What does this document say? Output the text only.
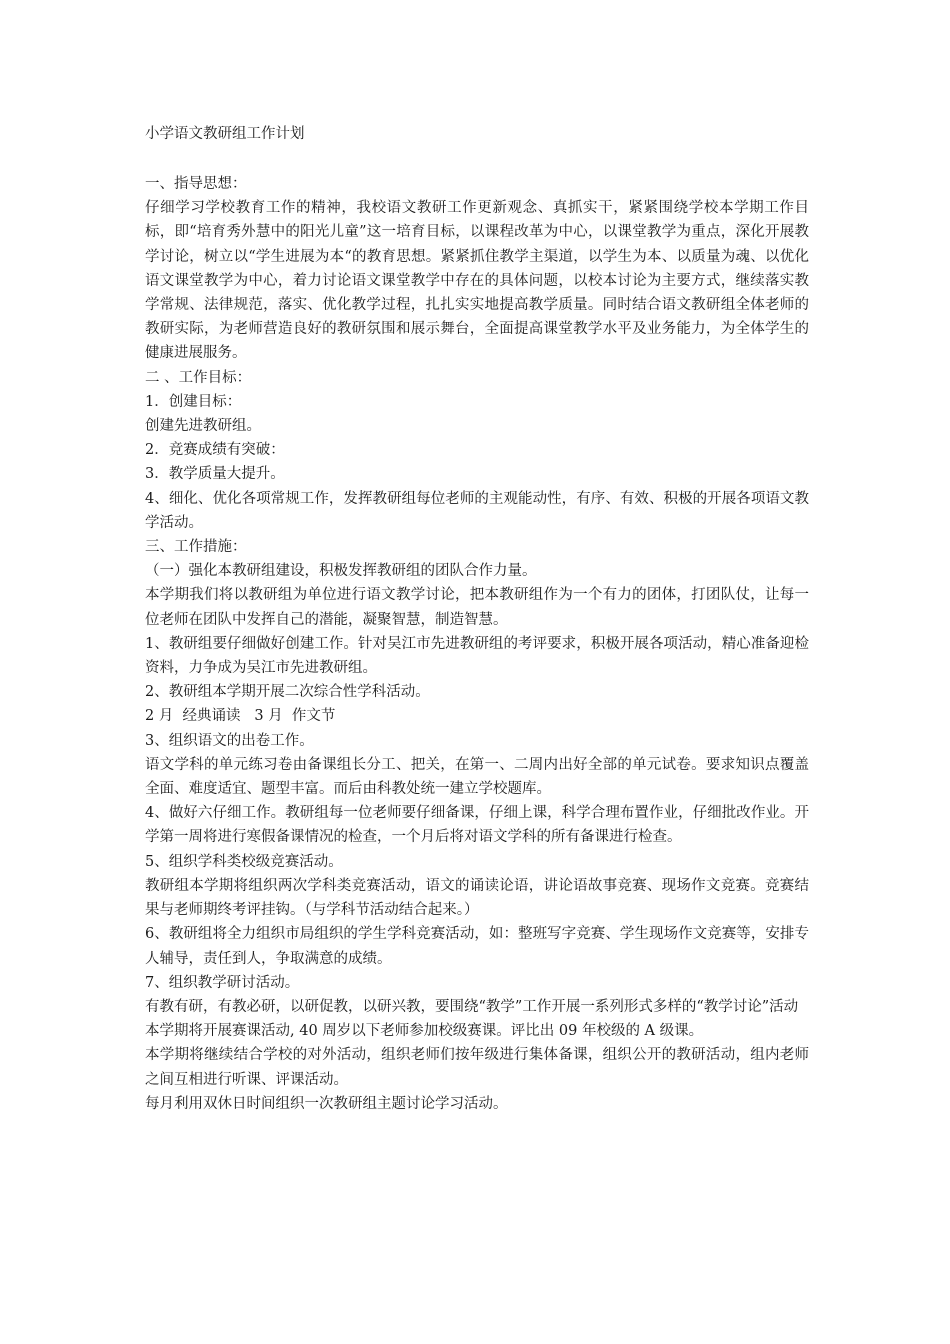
小学语文教研组工作计划

一、指导思想：

仔细学习学校教育工作的精神，我校语文教研工作更新观念、真抓实干，紧紧围绕学校本学期工作目标，即“培育秀外慧中的阳光儿童”这一培育目标，以课程改革为中心，以课堂教学为重点，深化开展教学讨论，树立以“学生进展为本“的教育思想。紧紧抓住教学主渠道，以学生为本、以质量为魂、以优化语文课堂教学为中心，着力讨论语文课堂教学中存在的具体问题，以校本讨论为主要方式，继续落实教学常规、法律规范，落实、优化教学过程，扎扎实实地提高教学质量。同时结合语文教研组全体老师的教研实际，为老师营造良好的教研氛围和展示舞台，全面提高课堂教学水平及业务能力，为全体学生的健康进展服务。

二 、工作目标：

1．创建目标：

创建先进教研组。

2．竞赛成绩有突破：

3．教学质量大提升。

4、细化、优化各项常规工作，发挥教研组每位老师的主观能动性，有序、有效、积极的开展各项语文教学活动。

三、工作措施：

（一）强化本教研组建设，积极发挥教研组的团队合作力量。

本学期我们将以教研组为单位进行语文教学讨论，把本教研组作为一个有力的团体，打团队仗，让每一位老师在团队中发挥自己的潜能，凝聚智慧，制造智慧。

1、教研组要仔细做好创建工作。针对吴江市先进教研组的考评要求，积极开展各项活动，精心准备迎检资料，力争成为吴江市先进教研组。

2、教研组本学期开展二次综合性学科活动。

2 月  经典诵读   3 月  作文节

3、组织语文的出卷工作。

语文学科的单元练习卷由备课组长分工、把关，在第一、二周内出好全部的单元试卷。要求知识点覆盖全面、难度适宜、题型丰富。而后由科教处统一建立学校题库。

4、做好六仔细工作。教研组每一位老师要仔细备课，仔细上课，科学合理布置作业，仔细批改作业。开学第一周将进行寒假备课情况的检查，一个月后将对语文学科的所有备课进行检查。

5、组织学科类校级竞赛活动。

教研组本学期将组织两次学科类竞赛活动，语文的诵读论语，讲论语故事竞赛、现场作文竞赛。竞赛结果与老师期终考评挂钩。（与学科节活动结合起来。）

6、教研组将全力组织市局组织的学生学科竞赛活动，如：整班写字竞赛、学生现场作文竞赛等，安排专人辅导，责任到人，争取满意的成绩。

7、组织教学研讨活动。

有教有研，有教必研，以研促教，以研兴教，要围绕“教学”工作开展一系列形式多样的“教学讨论”活动

本学期将开展赛课活动, 40 周岁以下老师参加校级赛课。评比出 09 年校级的 A 级课。

本学期将继续结合学校的对外活动，组织老师们按年级进行集体备课，组织公开的教研活动，组内老师之间互相进行听课、评课活动。

每月利用双休日时间组织一次教研组主题讨论学习活动。
